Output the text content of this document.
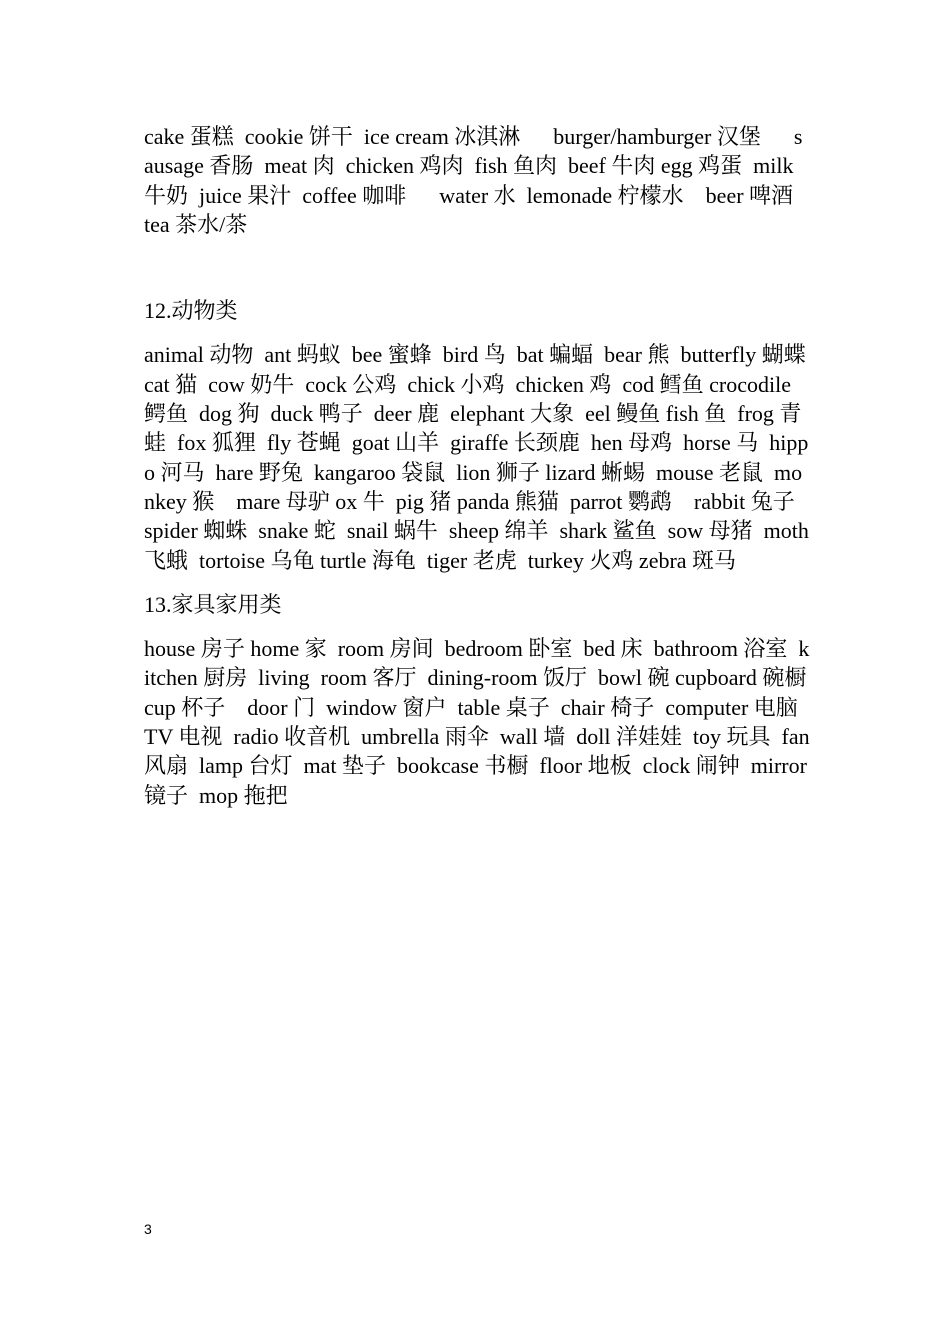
cake 蛋糕  cookie 饼干  ice cream 冰淇淋      burger/hamburger 汉堡      sausage 香肠  meat 肉  chicken 鸡肉  fish 鱼肉  beef 牛肉 egg 鸡蛋  milk 牛奶  juice 果汁  coffee 咖啡      water 水  lemonade 柠檬水    beer 啤酒  tea 茶水/茶

12.动物类

animal 动物  ant 蚂蚁  bee 蜜蜂  bird 鸟  bat 蝙蝠  bear 熊  butterfly 蝴蝶  cat 猫  cow 奶牛  cock 公鸡  chick 小鸡  chicken 鸡  cod 鳕鱼 crocodile 鳄鱼  dog 狗  duck 鸭子  deer 鹿  elephant 大象  eel 鳗鱼 fish 鱼  frog 青蛙  fox 狐狸  fly 苍蝇  goat 山羊  giraffe 长颈鹿  hen 母鸡  horse 马  hippo 河马  hare 野兔  kangaroo 袋鼠  lion 狮子 lizard 蜥蜴  mouse 老鼠  monkey 猴    mare 母驴 ox 牛  pig 猪 panda 熊猫  parrot 鹦鹉    rabbit 兔子  spider 蜘蛛  snake 蛇  snail 蜗牛  sheep 绵羊  shark 鲨鱼  sow 母猪  moth 飞蛾  tortoise 乌龟 turtle 海龟  tiger 老虎  turkey 火鸡 zebra 斑马

13.家具家用类

house 房子 home 家  room 房间  bedroom 卧室  bed 床  bathroom 浴室  kitchen 厨房  living  room 客厅  dining-room 饭厅  bowl 碗 cupboard 碗橱 cup 杯子    door 门  window 窗户  table 桌子  chair 椅子  computer 电脑  TV 电视  radio 收音机  umbrella 雨伞  wall 墙  doll 洋娃娃  toy 玩具  fan 风扇  lamp 台灯  mat 垫子  bookcase 书橱  floor 地板  clock 闹钟  mirror 镜子  mop 拖把

3
